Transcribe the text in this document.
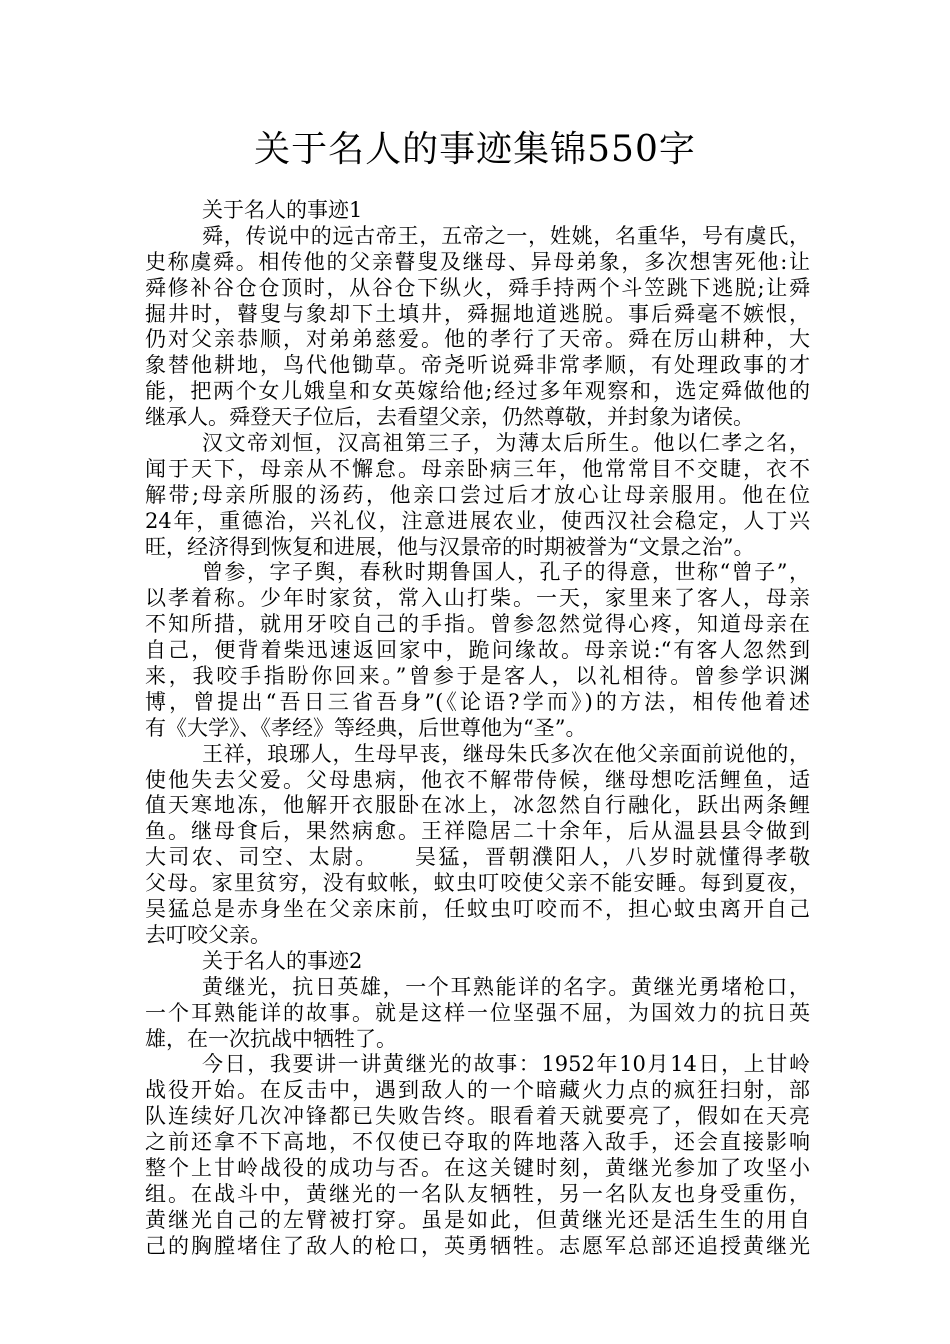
关于名人的事迹集锦550字
关于名人的事迹1
舜，传说中的远古帝王，五帝之一，姓姚，名重华，号有虞氏，
史称虞舜。相传他的父亲瞽叟及继母、异母弟象，多次想害死他:让
舜修补谷仓仓顶时，从谷仓下纵火，舜手持两个斗笠跳下逃脱;让舜
掘井时，瞽叟与象却下土填井，舜掘地道逃脱。事后舜毫不嫉恨，
仍对父亲恭顺，对弟弟慈爱。他的孝行了天帝。舜在厉山耕种，大
象替他耕地，鸟代他锄草。帝尧听说舜非常孝顺，有处理政事的才
能，把两个女儿娥皇和女英嫁给他;经过多年观察和，选定舜做他的
继承人。舜登天子位后，去看望父亲，仍然尊敬，并封象为诸侯。
汉文帝刘恒，汉高祖第三子，为薄太后所生。他以仁孝之名，
闻于天下，母亲从不懈怠。母亲卧病三年，他常常目不交睫，衣不
解带;母亲所服的汤药，他亲口尝过后才放心让母亲服用。他在位
24年，重德治，兴礼仪，注意进展农业，使西汉社会稳定，人丁兴
旺，经济得到恢复和进展，他与汉景帝的时期被誉为“文景之治”。
曾参，字子舆，春秋时期鲁国人，孔子的得意，世称“曾子”，
以孝着称。少年时家贫，常入山打柴。一天，家里来了客人，母亲
不知所措，就用牙咬自己的手指。曾参忽然觉得心疼，知道母亲在
自己，便背着柴迅速返回家中，跪问缘故。母亲说:“有客人忽然到
来，我咬手指盼你回来。”曾参于是客人，以礼相待。曾参学识渊
博，曾提出“吾日三省吾身”(《论语?学而》)的方法，相传他着述
有《大学》、《孝经》等经典，后世尊他为“圣”。
王祥，琅琊人，生母早丧，继母朱氏多次在他父亲面前说他的，
使他失去父爱。父母患病，他衣不解带侍候，继母想吃活鲤鱼，适
值天寒地冻，他解开衣服卧在冰上，冰忽然自行融化，跃出两条鲤
鱼。继母食后，果然病愈。王祥隐居二十余年，后从温县县令做到
大司农、司空、太尉。　　吴猛，晋朝濮阳人，八岁时就懂得孝敬
父母。家里贫穷，没有蚊帐，蚊虫叮咬使父亲不能安睡。每到夏夜，
吴猛总是赤身坐在父亲床前，任蚊虫叮咬而不，担心蚊虫离开自己
去叮咬父亲。
关于名人的事迹2
黄继光，抗日英雄，一个耳熟能详的名字。黄继光勇堵枪口，
一个耳熟能详的故事。就是这样一位坚强不屈，为国效力的抗日英
雄，在一次抗战中牺牲了。
今日，我要讲一讲黄继光的故事：1952年10月14日，上甘岭
战役开始。在反击中，遇到敌人的一个暗藏火力点的疯狂扫射，部
队连续好几次冲锋都已失败告终。眼看着天就要亮了，假如在天亮
之前还拿不下高地，不仅使已夺取的阵地落入敌手，还会直接影响
整个上甘岭战役的成功与否。在这关键时刻，黄继光参加了攻坚小
组。在战斗中，黄继光的一名队友牺牲，另一名队友也身受重伤，
黄继光自己的左臂被打穿。虽是如此，但黄继光还是活生生的用自
己的胸膛堵住了敌人的枪口，英勇牺牲。志愿军总部还追授黄继光
